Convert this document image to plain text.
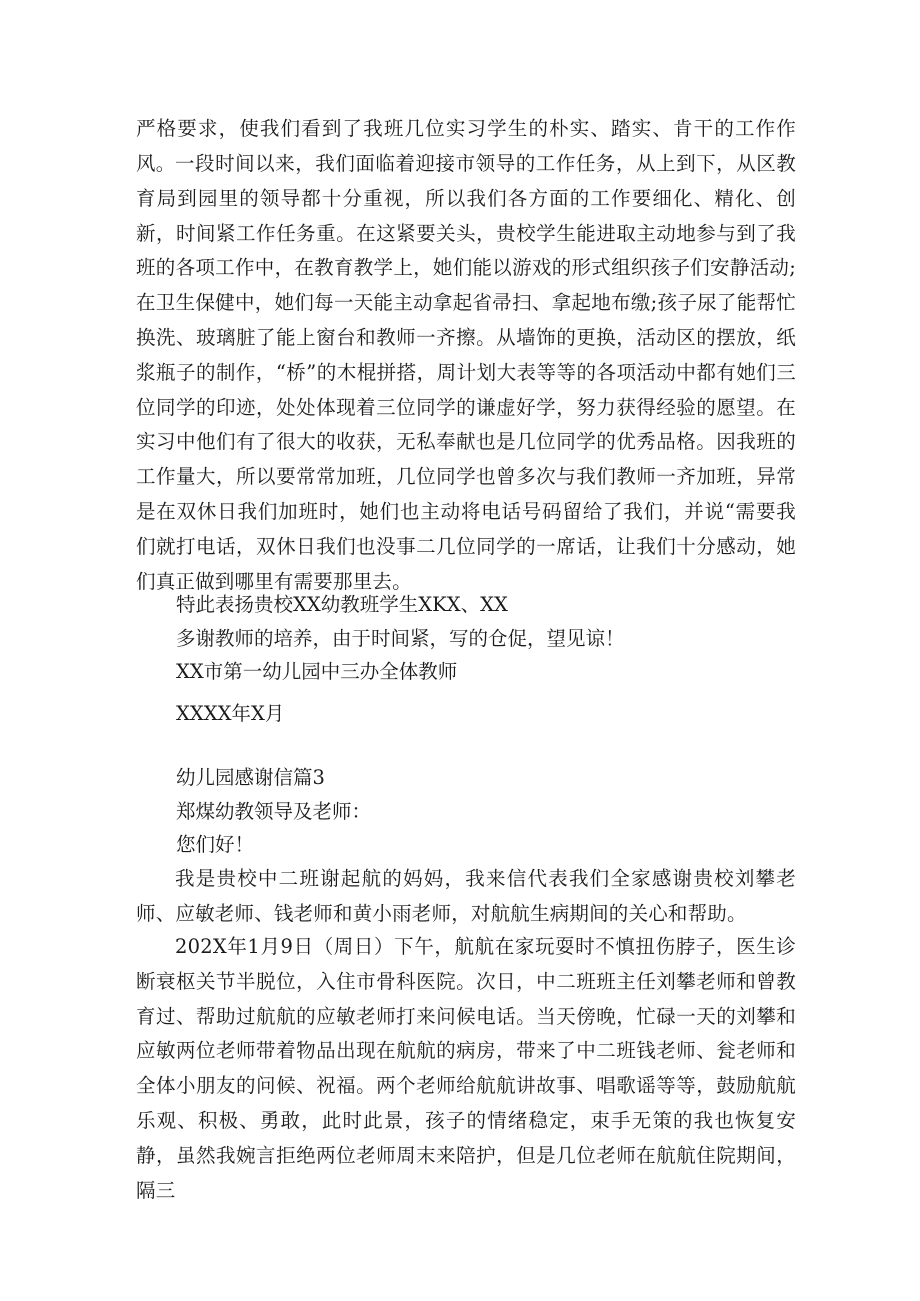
严格要求，使我们看到了我班几位实习学生的朴实、踏实、肯干的工作作风。 一段时间以来，我们面临着迎接市领导的工作任务，从上到下，从区教育局到园里的领导都十分重视，所以我们各方面的工作要细化、精化、创新，时间紧工作任务重。在这紧要关头，贵校学生能进取主动地参与到了我班的各项工作中，在教育教学上，她们能以游戏的形式组织孩子们安静活动;在卫生保健中，她们每一天能主动拿起省帚扫、拿起地布缴;孩子尿了能帮忙换洗、玻璃脏了能上窗台和教师一齐擦。从墙饰的更换，活动区的摆放，纸浆瓶子的制作，“桥”的木棍拼搭，周计划大表等等的各项活动中都有她们三位同学的印迹，处处体现着三位同学的谦虚好学，努力获得经验的愿望。在实习中他们有了很大的收获，无私奉献也是几位同学的优秀品格。因我班的工作量大，所以要常常加班，几位同学也曾多次与我们教师一齐加班，异常是在双休日我们加班时，她们也主动将电话号码留给了我们，并说“需要我们就打电话，双休日我们也没事二几位同学的一席话，让我们十分感动，她们真正做到哪里有需要那里去。

特此表扬贵校XX幼教班学生XKX、XX

多谢教师的培养，由于时间紧，写的仓促，望见谅！

XX市第一幼儿园中三办全体教师

XXXX年X月

幼儿园感谢信篇3

郑煤幼教领导及老师：

您们好！

我是贵校中二班谢起航的妈妈，我来信代表我们全家感谢贵校刘攀老师、应敏老师、钱老师和黄小雨老师，对航航生病期间的关心和帮助。

202X年1月9日（周日）下午，航航在家玩耍时不慎扭伤脖子，医生诊断衰枢关节半脱位，入住市骨科医院。次日，中二班班主任刘攀老师和曾教育过、帮助过航航的应敏老师打来问候电话。当天傍晚，忙碌一天的刘攀和应敏两位老师带着物品出现在航航的病房，带来了中二班钱老师、瓮老师和全体小朋友的问候、祝福。两个老师给航航讲故事、唱歌谣等等，鼓励航航乐观、积极、勇敢，此时此景，孩子的情绪稳定，束手无策的我也恢复安静，虽然我婉言拒绝两位老师周末来陪护，但是几位老师在航航住院期间，隔三
